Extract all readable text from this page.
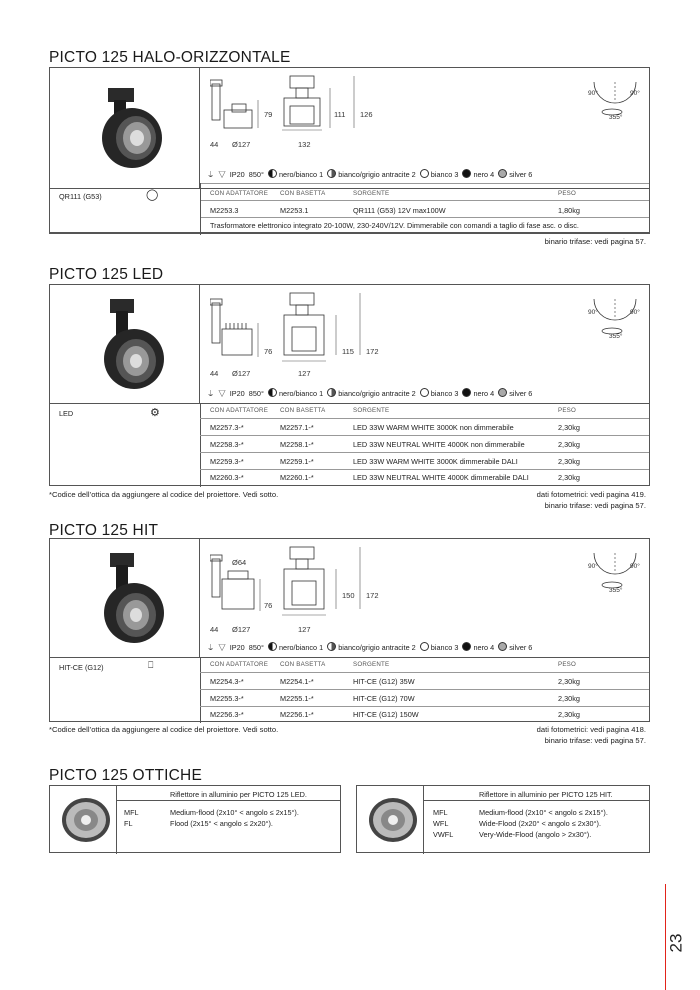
PICTO 125 HALO-ORIZZONTALE
QR111 (G53)	◯
79
44 Ø127	132
111 126
90°	90°
355°
⏚ ▽ IP20 850° nero/bianco 1 bianco/grigio antracite 2 bianco 3 nero 4 silver 6
CON ADATTATORE CON BASETTA	SORGENTE	PESO
M2253.3	M2253.1	QR111 (G53) 12V max100W	1,80kg
Trasformatore elettronico integrato 20-100W, 230-240V/12V. Dimmerabile con comandi a taglio di fase asc. o disc.
binario trifase: vedi pagina 57.
PICTO 125 LED
LED	⚙
76
44 Ø127	127
115 172
90°	90°
355°
⏚ ▽ IP20 850° nero/bianco 1 bianco/grigio antracite 2 bianco 3 nero 4 silver 6
CON ADATTATORE CON BASETTA	SORGENTE	PESO
M2257.3-*	M2257.1-*	LED 33W WARM WHITE 3000K non dimmerabile	2,30kg
M2258.3-*	M2258.1-*	LED 33W NEUTRAL WHITE 4000K non dimmerabile	2,30kg
M2259.3-*	M2259.1-*	LED 33W WARM WHITE 3000K dimmerabile DALI	2,30kg
M2260.3-*	M2260.1-*	LED 33W NEUTRAL WHITE 4000K dimmerabile DALI	2,30kg
*Codice dell’ottica da aggiungere al codice del proiettore. Vedi sotto.	dati fotometrici: vedi pagina 419.
binario trifase: vedi pagina 57.
PICTO 125 HIT
HIT-CE (G12)	⎕
Ø64
76
44 Ø127	127
150 172
90°	90°
355°
⏚ ▽ IP20 850° nero/bianco 1 bianco/grigio antracite 2 bianco 3 nero 4 silver 6
CON ADATTATORE CON BASETTA	SORGENTE	PESO
M2254.3-*	M2254.1-*	HIT-CE (G12) 35W	2,30kg
M2255.3-*	M2255.1-*	HIT-CE (G12) 70W	2,30kg
M2256.3-*	M2256.1-*	HIT-CE (G12) 150W	2,30kg
*Codice dell’ottica da aggiungere al codice del proiettore. Vedi sotto.	dati fotometrici: vedi pagina 418.
binario trifase: vedi pagina 57.
PICTO 125 OTTICHE
Riflettore in alluminio per PICTO 125 LED.
MFL	Medium-flood (2x10° < angolo ≤ 2x15°).
FL	Flood (2x15° < angolo ≤ 2x20°).
Riflettore in alluminio per PICTO 125 HIT.
MFL	Medium-flood (2x10° < angolo ≤ 2x15°).
WFL	Wide-Flood (2x20° < angolo ≤ 2x30°).
VWFL	Very-Wide-Flood (angolo > 2x30°).
23
